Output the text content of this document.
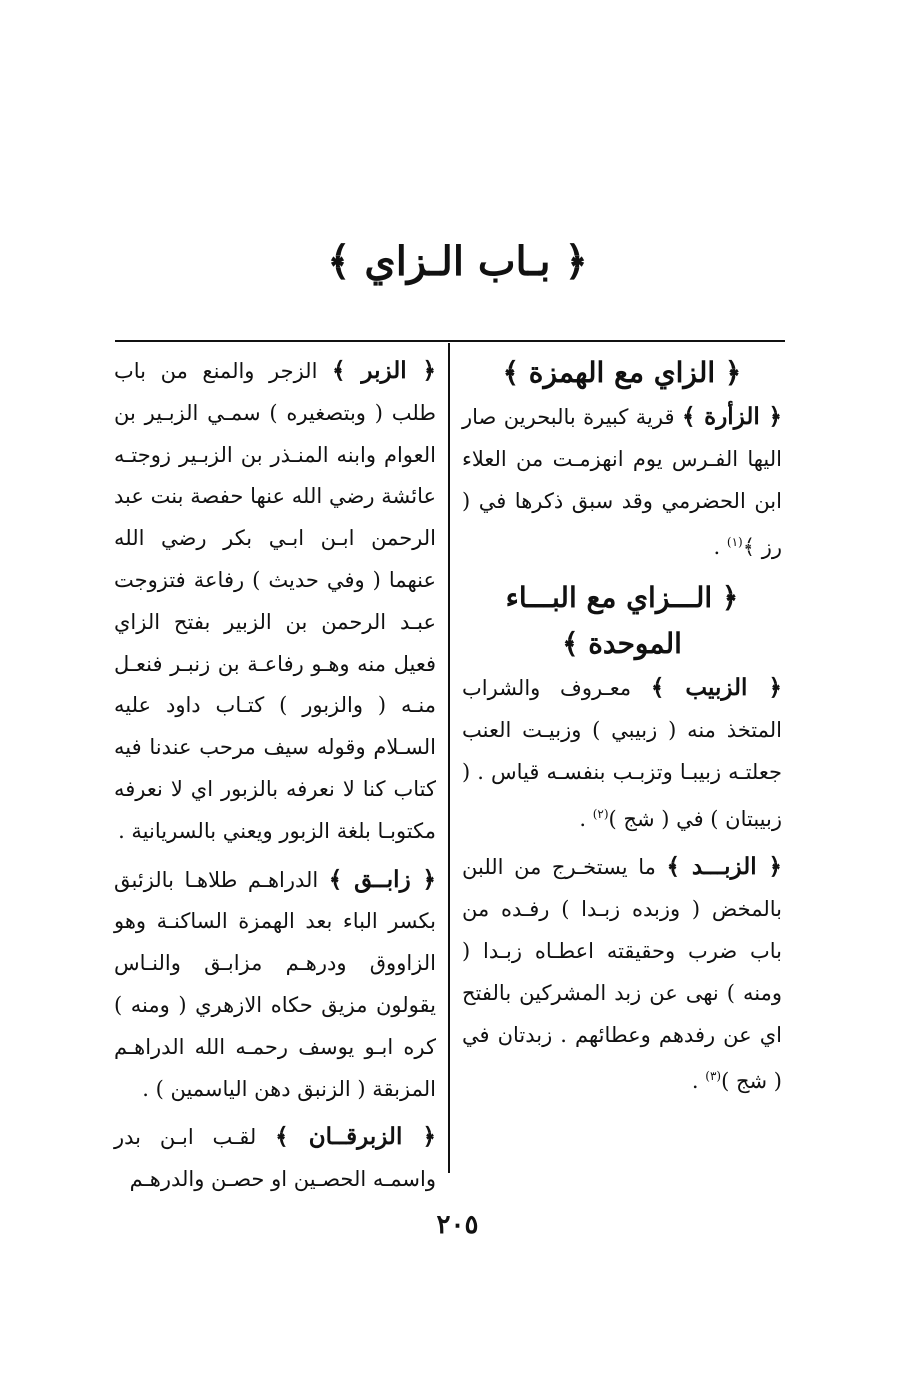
﴿ بـاب الـزاي ﴾
﴿ الزاي مع الهمزة ﴾

﴿ الزأرة ﴾ قرية كبيرة بالبحرين صار اليها الفـرس يوم انهزمـت من العلاء ابن الحضرمي وقد سبق ذكرها في ( رز ﴾$^{(١)}$ .

﴿ الـــزاي مع البـــاء الموحدة ﴾

﴿ الزبيب ﴾ معـروف والشراب المتخذ منه ( زبيبي ) وزبيـت العنب جعلتـه زبيبـا وتزبـب بنفسـه قياس . ( زبيبتان ) في ( شج )$^{(٢)}$ .

﴿ الزبـــد ﴾ ما يستخـرج من اللبن بالمخض ( وزبده زبـدا ) رفـده من باب ضرب وحقيقته اعطـاه زبـدا ( ومنه ) نهى عن زبد المشركين بالفتح اي عن رفدهم وعطائهم . زبدتان في ( شج )$^{(٣)}$ .

﴿ الزبر ﴾ الزجر والمنع من باب طلب ( وبتصغيره ) سمـي الزبـير بن العوام وابنه المنـذر بن الزبـير زوجتـه عائشة رضي الله عنها حفصة بنت عبد الرحمن ابـن ابـي بكر رضي الله عنهما ( وفي حديث ) رفاعة فتزوجت عبـد الرحمن بن الزبير بفتح الزاي فعيل منه وهـو رفاعـة بن زنبـر فنعـل منـه ( والزبور ) كتـاب داود عليه السـلام وقوله سيف مرحب عندنا فيه كتاب كنا لا نعرفه بالزبور اي لا نعرفه مكتوبـا بلغة الزبور ويعني بالسريانية .

﴿ زابــق ﴾ الدراهـم طلاهـا بالزئبق بكسر الباء بعد الهمزة الساكنـة وهو الزاووق ودرهـم مزابـق والنـاس يقولون مزيق حكاه الازهري ( ومنه ) كره ابـو يوسف رحمـه الله الدراهـم المزبقة ( الزنبق دهن الياسمين ) .

﴿ الزبرقــان ﴾ لقـب ابـن بدر واسمـه الحصـين او حصـن والدرهـم

٢٠٥
